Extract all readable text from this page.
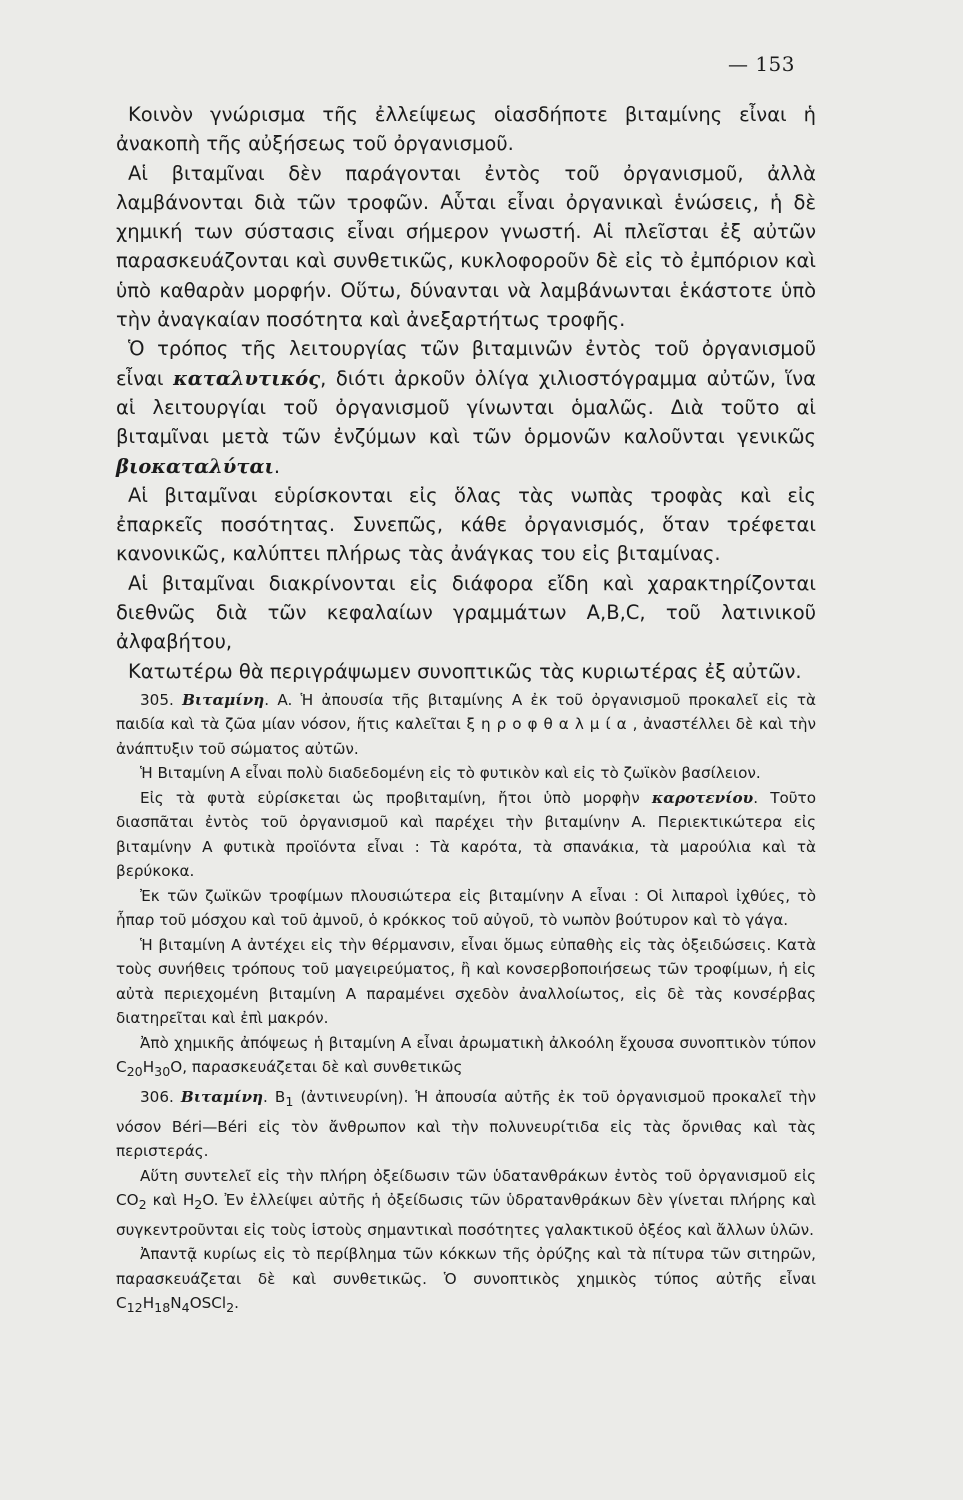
— 153

Κοινὸν γνώρισμα τῆς ἐλλείψεως οἱασδήποτε βιταμίνης εἶναι ἡ ἀνακοπὴ τῆς αὐξήσεως τοῦ ὀργανισμοῦ.

Αἱ βιταμῖναι δὲν παράγονται ἐντὸς τοῦ ὀργανισμοῦ, ἀλλὰ λαμβάνονται διὰ τῶν τροφῶν. Αὗται εἶναι ὀργανικαὶ ἑνώσεις, ἡ δὲ χημική των σύστασις εἶναι σήμερον γνωστή. Αἱ πλεῖσται ἐξ αὐτῶν παρασκευάζονται καὶ συνθετικῶς, κυκλοφοροῦν δὲ εἰς τὸ ἐμπόριον καὶ ὑπὸ καθαρὰν μορφήν. Οὕτω, δύνανται νὰ λαμβάνωνται ἑκάστοτε ὑπὸ τὴν ἀναγκαίαν ποσότητα καὶ ἀνεξαρτήτως τροφῆς.

Ὁ τρόπος τῆς λειτουργίας τῶν βιταμινῶν ἐντὸς τοῦ ὀργανισμοῦ εἶναι καταλυτικός, διότι ἀρκοῦν ὀλίγα χιλιοστόγραμμα αὐτῶν, ἵνα αἱ λειτουργίαι τοῦ ὀργανισμοῦ γίνωνται ὁμαλῶς. Διὰ τοῦτο αἱ βιταμῖναι μετὰ τῶν ἐνζύμων καὶ τῶν ὁρμονῶν καλοῦνται γενικῶς βιοκαταλύται.

Αἱ βιταμῖναι εὑρίσκονται εἰς ὅλας τὰς νωπὰς τροφὰς καὶ εἰς ἐπαρκεῖς ποσότητας. Συνεπῶς, κάθε ὀργανισμός, ὅταν τρέφεται κανονικῶς, καλύπτει πλήρως τὰς ἀνάγκας του εἰς βιταμίνας.

Αἱ βιταμῖναι διακρίνονται εἰς διάφορα εἴδη καὶ χαρακτηρίζονται διεθνῶς διὰ τῶν κεφαλαίων γραμμάτων A,B,C, τοῦ λατινικοῦ ἀλφαβήτου,

Κατωτέρω θὰ περιγράψωμεν συνοπτικῶς τὰς κυριωτέρας ἐξ αὐτῶν.

305. Βιταμίνη. A. Ἡ ἀπουσία τῆς βιταμίνης A ἐκ τοῦ ὀργανισμοῦ προκαλεῖ εἰς τὰ παιδία καὶ τὰ ζῶα μίαν νόσον, ἥτις καλεῖται ξηροφθαλμία, ἀναστέλλει δὲ καὶ τὴν ἀνάπτυξιν τοῦ σώματος αὐτῶν.

Ἡ Βιταμίνη A εἶναι πολὺ διαδεδομένη εἰς τὸ φυτικὸν καὶ εἰς τὸ ζωϊκὸν βασίλειον.

Εἰς τὰ φυτὰ εὑρίσκεται ὡς προβιταμίνη, ἤτοι ὑπὸ μορφὴν καροτενίου. Τοῦτο διασπᾶται ἐντὸς τοῦ ὀργανισμοῦ καὶ παρέχει τὴν βιταμίνην A. Περιεκτικώτερα εἰς βιταμίνην A φυτικὰ προϊόντα εἶναι : Τὰ καρότα, τὰ σπανάκια, τὰ μαρούλια καὶ τὰ βερύκοκα.

Ἐκ τῶν ζωϊκῶν τροφίμων πλουσιώτερα εἰς βιταμίνην A εἶναι : Οἱ λιπαροὶ ἰχθύες, τὸ ἧπαρ τοῦ μόσχου καὶ τοῦ ἀμνοῦ, ὁ κρόκκος τοῦ αὐγοῦ, τὸ νωπὸν βούτυρον καὶ τὸ γάγα.

Ἡ βιταμίνη A ἀντέχει εἰς τὴν θέρμανσιν, εἶναι ὅμως εὐπαθὴς εἰς τὰς ὀξειδώσεις. Κατὰ τοὺς συνήθεις τρόπους τοῦ μαγειρεύματος, ἢ καὶ κονσερβοποιήσεως τῶν τροφίμων, ἡ εἰς αὐτὰ περιεχομένη βιταμίνη A παραμένει σχεδὸν ἀναλλοίωτος, εἰς δὲ τὰς κονσέρβας διατηρεῖται καὶ ἐπὶ μακρόν.

Ἀπὸ χημικῆς ἀπόψεως ἡ βιταμίνη A εἶναι ἀρωματικὴ ἀλκοόλη ἔχουσα συνοπτικὸν τύπον $C_{20}H_{30}O$, παρασκευάζεται δὲ καὶ συνθετικῶς

306. Βιταμίνη. $B_1$ (ἀντινευρίνη). Ἡ ἀπουσία αὐτῆς ἐκ τοῦ ὀργανισμοῦ προκαλεῖ τὴν νόσον Béri—Béri εἰς τὸν ἄνθρωπον καὶ τὴν πολυνευρίτιδα εἰς τὰς ὄρνιθας καὶ τὰς περιστεράς.

Αὕτη συντελεῖ εἰς τὴν πλήρη ὀξείδωσιν τῶν ὑδατανθράκων ἐντὸς τοῦ ὀργανισμοῦ εἰς $CO_2$ καὶ $H_2O$. Ἐν ἐλλείψει αὐτῆς ἡ ὀξείδωσις τῶν ὑδρατανθράκων δὲν γίνεται πλήρης καὶ συγκεντροῦνται εἰς τοὺς ἱστοὺς σημαντικαὶ ποσότητες γαλακτικοῦ ὀξέος καὶ ἄλλων ὑλῶν.

Ἀπαντᾷ κυρίως εἰς τὸ περίβλημα τῶν κόκκων τῆς ὀρύζης καὶ τὰ πίτυρα τῶν σιτηρῶν, παρασκευάζεται δὲ καὶ συνθετικῶς. Ὁ συνοπτικὸς χημικὸς τύπος αὐτῆς εἶναι $C_{12}H_{18}N_4OSCl_2$.
